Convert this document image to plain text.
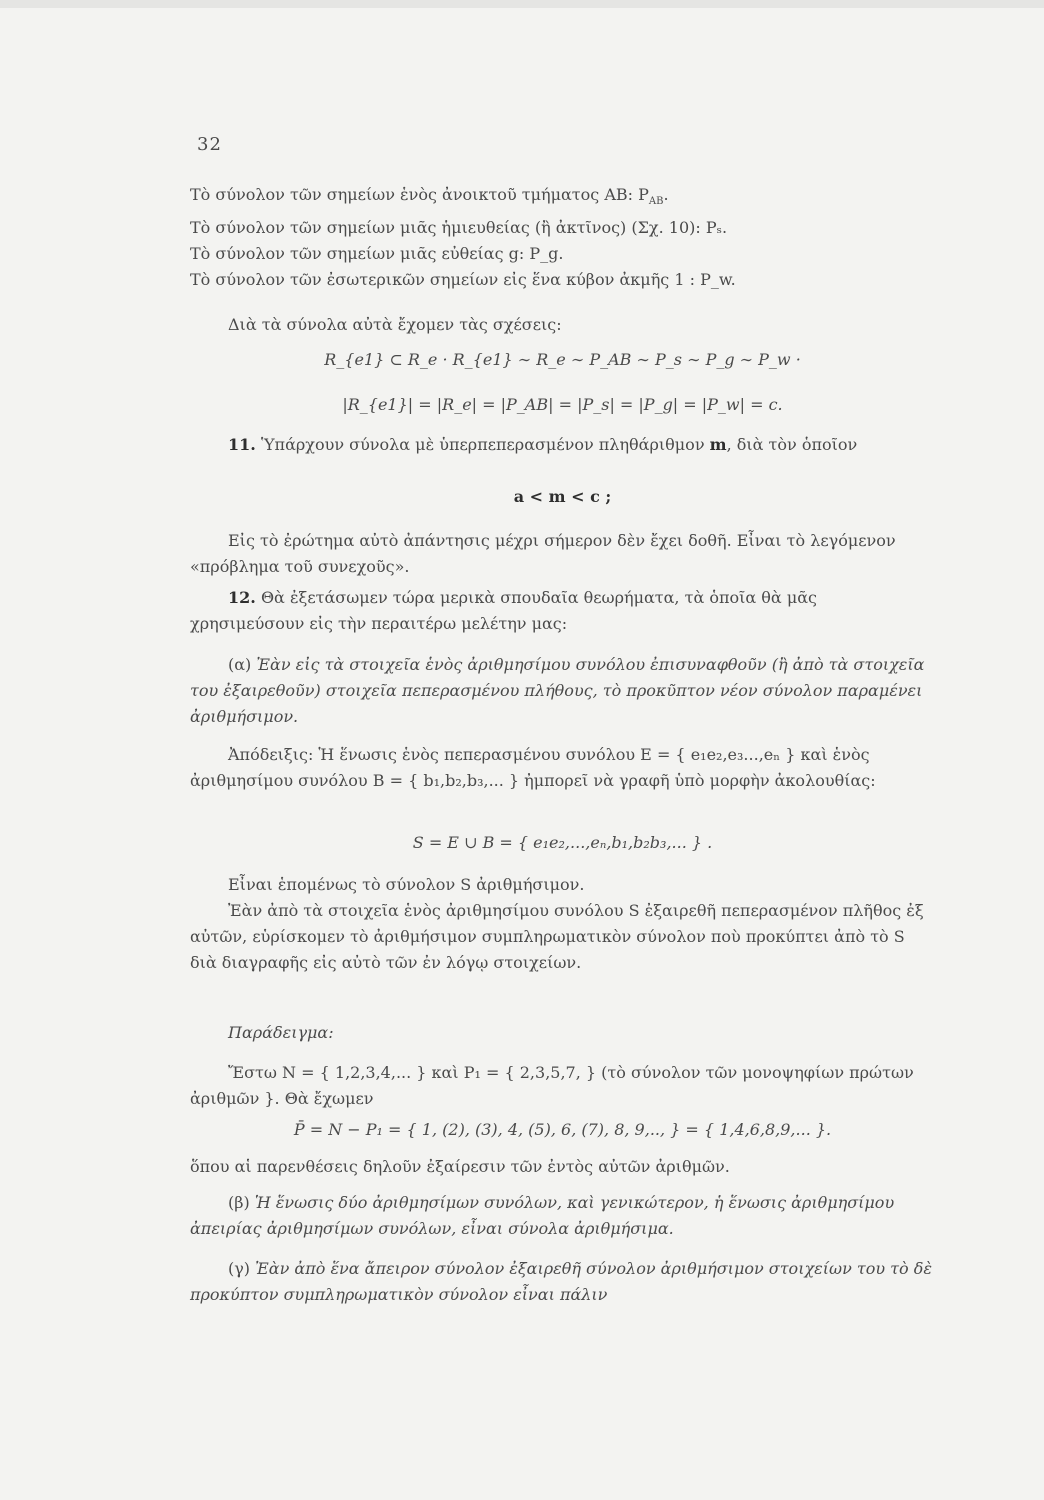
32
Τὸ σύνολον τῶν σημείων ἑνὸς ἀνοικτοῦ τμήματος AB: $P_{AB}$.
Τὸ σύνολον τῶν σημείων μιᾶς ἡμιευθείας (ἢ ἀκτῖνος) (Σχ. 10): Pₛ.
Τὸ σύνολον τῶν σημείων μιᾶς εὐθείας g: P_g.
Τὸ σύνολον τῶν ἐσωτερικῶν σημείων εἰς ἕνα κύβον ἀκμῆς 1 : P_w.
Διὰ τὰ σύνολα αὐτὰ ἔχομεν τὰς σχέσεις:
R_{e1} ⊂ R_e · R_{e1} ∼ R_e ∼ P_AB ∼ P_s ∼ P_g ∼ P_w ·
|R_{e1}| = |R_e| = |P_AB| = |P_s| = |P_g| = |P_w| = c.
11. Ὑπάρχουν σύνολα μὲ ὑπερπεπερασμένον πληθάριθμον m, διὰ τὸν ὁποῖον
a < m < c ;
Εἰς τὸ ἐρώτημα αὐτὸ ἀπάντησις μέχρι σήμερον δὲν ἔχει δοθῆ. Εἶναι τὸ λεγόμενον «πρόβλημα τοῦ συνεχοῦς».
12. Θὰ ἐξετάσωμεν τώρα μερικὰ σπουδαῖα θεωρήματα, τὰ ὁποῖα θὰ μᾶς χρησιμεύσουν εἰς τὴν περαιτέρω μελέτην μας:
(α) Ἐὰν εἰς τὰ στοιχεῖα ἑνὸς ἀριθμησίμου συνόλου ἐπισυναφθοῦν (ἢ ἀπὸ τὰ στοιχεῖα του ἐξαιρεθοῦν) στοιχεῖα πεπερασμένου πλήθους, τὸ προκῦπτον νέον σύνολον παραμένει ἀριθμήσιμον.
Ἀπόδειξις: Ἡ ἕνωσις ἑνὸς πεπερασμένου συνόλου E = { e₁e₂,e₃...,eₙ } καὶ ἑνὸς ἀριθμησίμου συνόλου B = { b₁,b₂,b₃,... } ἠμπορεῖ νὰ γραφῆ ὑπὸ μορφὴν ἀκολουθίας:
S = E ∪ B = { e₁e₂,...,eₙ,b₁,b₂b₃,... } .
Εἶναι ἑπομένως τὸ σύνολον S ἀριθμήσιμον.
Ἐὰν ἀπὸ τὰ στοιχεῖα ἑνὸς ἀριθμησίμου συνόλου S ἐξαιρεθῆ πεπερασμένον πλῆθος ἐξ αὐτῶν, εὑρίσκομεν τὸ ἀριθμήσιμον συμπληρωματικὸν σύνολον ποὺ προκύπτει ἀπὸ τὸ S διὰ διαγραφῆς εἰς αὐτὸ τῶν ἐν λόγῳ στοιχείων.
Παράδειγμα:
Ἔστω N = { 1,2,3,4,... } καὶ P₁ = { 2,3,5,7, } (τὸ σύνολον τῶν μονοψηφίων πρώτων ἀριθμῶν }. Θὰ ἔχωμεν
P̄ = N − P₁ = { 1, (2), (3), 4, (5), 6, (7), 8, 9,.., } = { 1,4,6,8,9,... }.
ὅπου αἱ παρενθέσεις δηλοῦν ἐξαίρεσιν τῶν ἐντὸς αὐτῶν ἀριθμῶν.
(β) Ἡ ἕνωσις δύο ἀριθμησίμων συνόλων, καὶ γενικώτερον, ἡ ἕνωσις ἀριθμησίμου ἀπειρίας ἀριθμησίμων συνόλων, εἶναι σύνολα ἀριθμήσιμα.
(γ) Ἐὰν ἀπὸ ἕνα ἄπειρον σύνολον ἐξαιρεθῆ σύνολον ἀριθμήσιμον στοιχείων του τὸ δὲ προκύπτον συμπληρωματικὸν σύνολον εἶναι πάλιν
